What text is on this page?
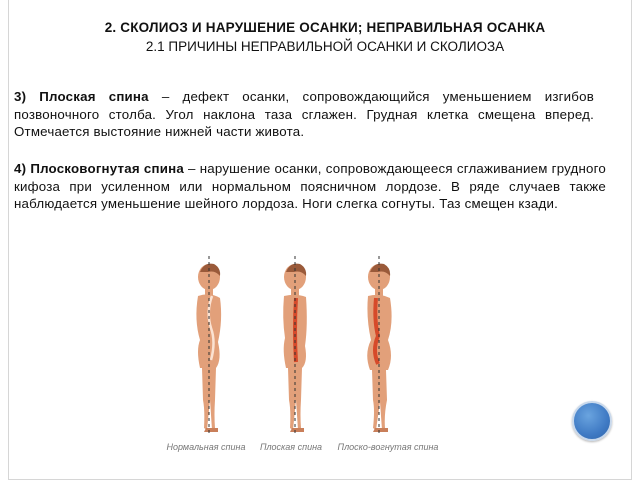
2. СКОЛИОЗ И НАРУШЕНИЕ ОСАНКИ; НЕПРАВИЛЬНАЯ ОСАНКА
2.1 ПРИЧИНЫ НЕПРАВИЛЬНОЙ ОСАНКИ И СКОЛИОЗА
3) Плоская спина – дефект осанки, сопровождающийся уменьшением изгибов позвоночного столба. Угол наклона таза сглажен. Грудная клетка смещена вперед. Отмечается выстояние нижней части живота.
4) Плосковогнутая спина – нарушение осанки, сопровождающееся сглаживанием грудного кифоза при усиленном или нормальном поясничном лордозе. В ряде случаев также наблюдается уменьшение шейного лордоза. Ноги слегка согнуты. Таз смещен кзади.
Нормальная спина	Плоская спина	Плоско-вогнутая спина
